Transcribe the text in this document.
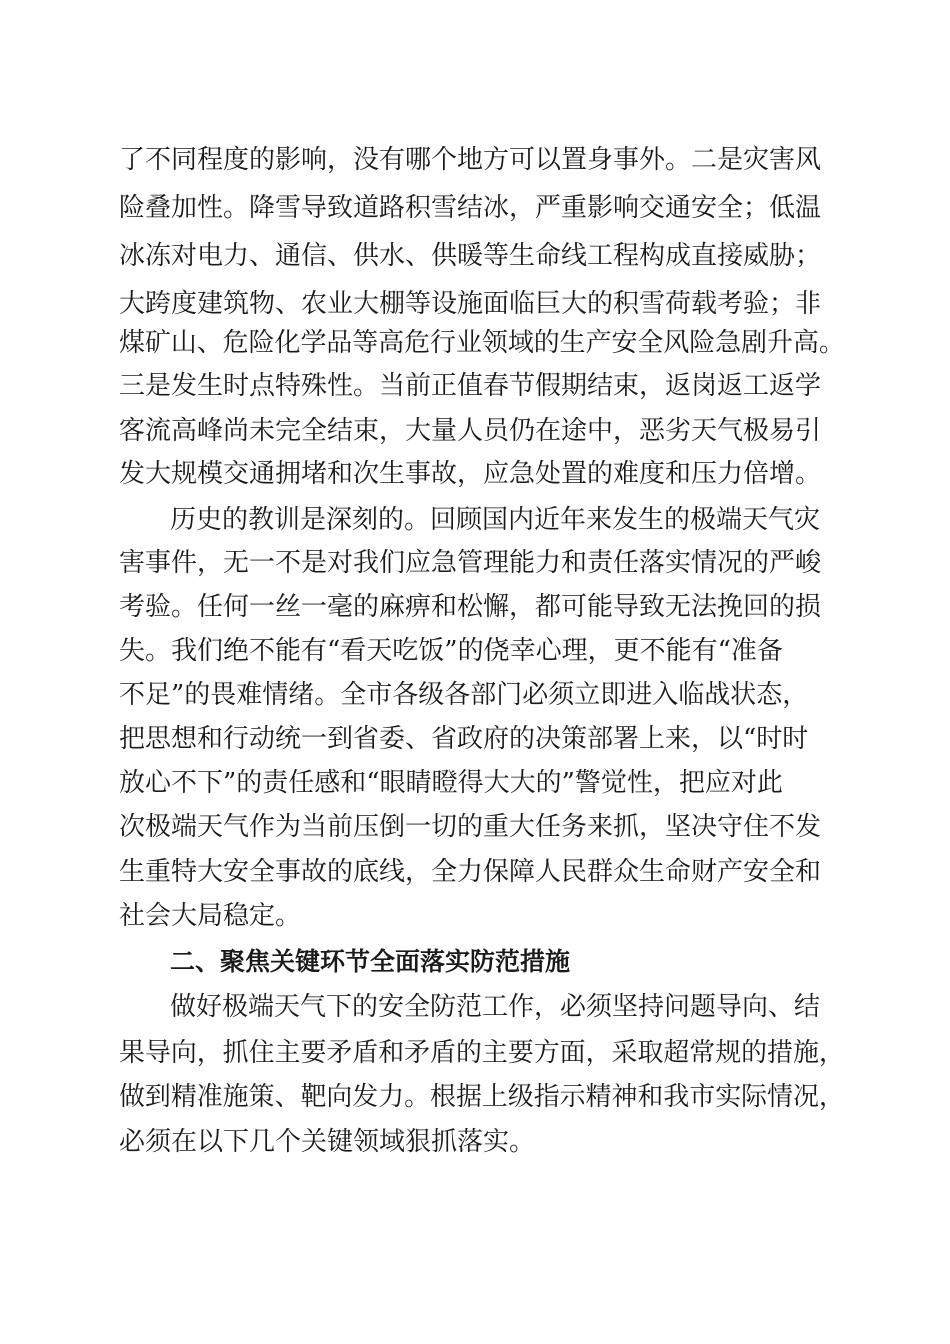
了不同程度的影响，没有哪个地方可以置身事外。二是灾害风
险叠加性。降雪导致道路积雪结冰，严重影响交通安全；低温
冰冻对电力、通信、供水、供暖等生命线工程构成直接威胁；
大跨度建筑物、农业大棚等设施面临巨大的积雪荷载考验；非
煤矿山、危险化学品等高危行业领域的生产安全风险急剧升高。
三是发生时点特殊性。当前正值春节假期结束，返岗返工返学
客流高峰尚未完全结束，大量人员仍在途中，恶劣天气极易引
发大规模交通拥堵和次生事故，应急处置的难度和压力倍增。
历史的教训是深刻的。回顾国内近年来发生的极端天气灾
害事件，无一不是对我们应急管理能力和责任落实情况的严峻
考验。任何一丝一毫的麻痹和松懈，都可能导致无法挽回的损
失。我们绝不能有“看天吃饭”的侥幸心理，更不能有“准备
不足”的畏难情绪。全市各级各部门必须立即进入临战状态，
把思想和行动统一到省委、省政府的决策部署上来，以“时时
放心不下”的责任感和“眼睛瞪得大大的”警觉性，把应对此
次极端天气作为当前压倒一切的重大任务来抓，坚决守住不发
生重特大安全事故的底线，全力保障人民群众生命财产安全和
社会大局稳定。
二、聚焦关键环节全面落实防范措施
做好极端天气下的安全防范工作，必须坚持问题导向、结
果导向，抓住主要矛盾和矛盾的主要方面，采取超常规的措施，
做到精准施策、靶向发力。根据上级指示精神和我市实际情况，
必须在以下几个关键领域狠抓落实。
